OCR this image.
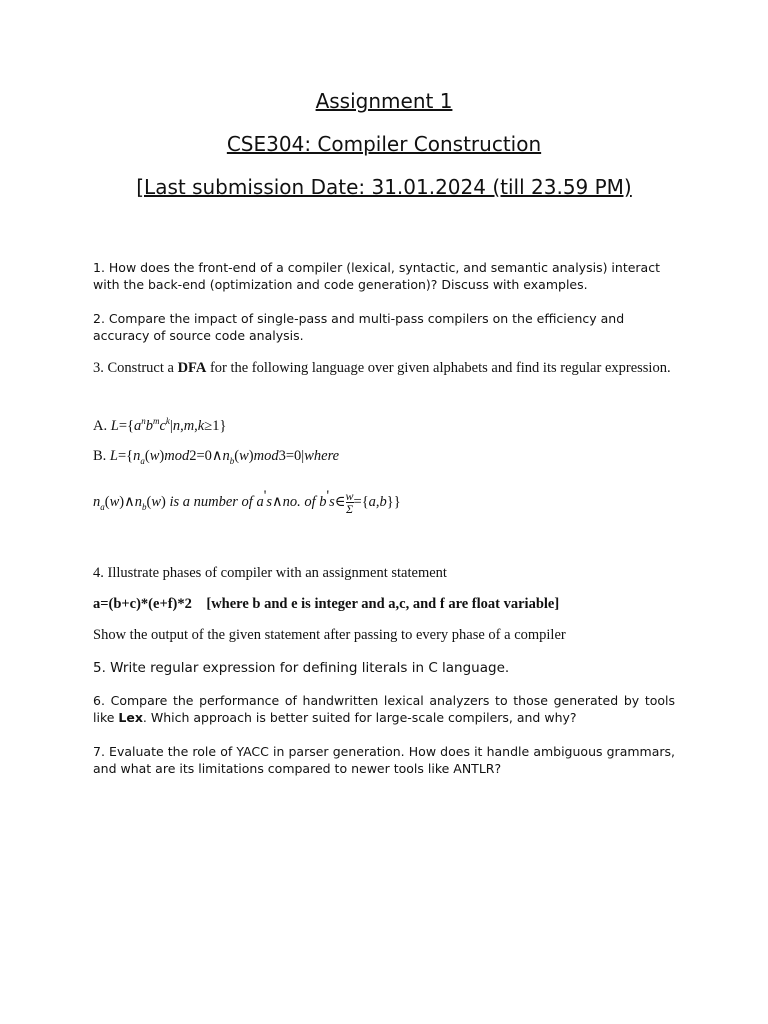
Assignment 1
CSE304: Compiler Construction
[Last submission Date: 31.01.2024 (till 23.59 PM)
1. How does the front-end of a compiler (lexical, syntactic, and semantic analysis) interact with the back-end (optimization and code generation)? Discuss with examples.
2. Compare the impact of single-pass and multi-pass compilers on the efficiency and accuracy of source code analysis.
3. Construct a DFA for the following language over given alphabets and find its regular expression.
A. $L=\{a^nb^mc^k|n,m,k\ge 1\}$
B. $L=\{n_a(w)mod2=0\wedge n_b(w)mod3=0|where$
$n_a(w)\wedge n_b(w)$ is a number of a's∧no. of b's∈ $\frac{w}{\Sigma} =\{a,b\}$}
4. Illustrate phases of compiler with an assignment statement
a=(b+c)*(e+f)*2    [where b and e is integer and a,c, and f are float variable]
Show the output of the given statement after passing to every phase of a compiler
5. Write regular expression for defining literals in C language.
6. Compare the performance of handwritten lexical analyzers to those generated by tools like Lex. Which approach is better suited for large-scale compilers, and why?
7. Evaluate the role of YACC in parser generation. How does it handle ambiguous grammars, and what are its limitations compared to newer tools like ANTLR?
